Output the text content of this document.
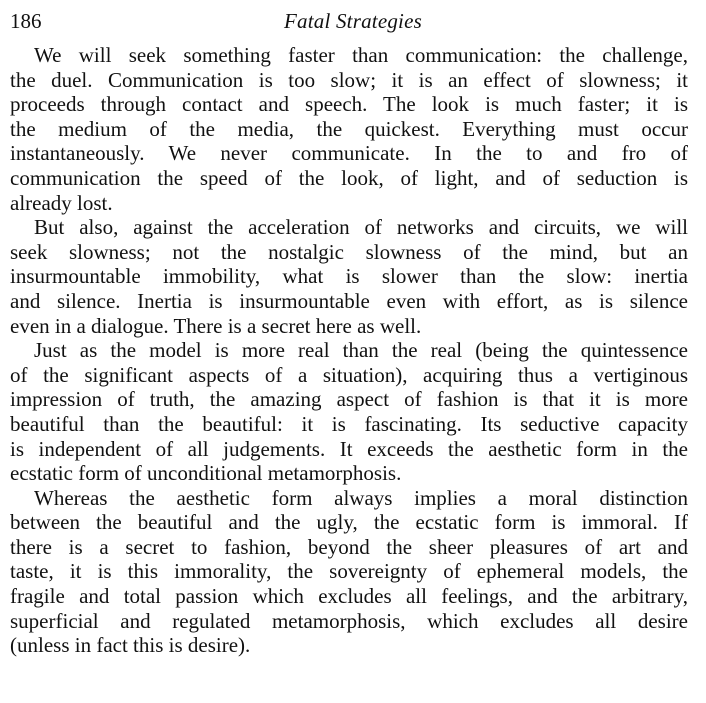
186	Fatal Strategies
We will seek something faster than communication: the challenge,
the duel. Communication is too slow; it is an effect of slowness; it
proceeds through contact and speech. The look is much faster; it is
the medium of the media, the quickest. Everything must occur
instantaneously. We never communicate. In the to and fro of
communication the speed of the look, of light, and of seduction is
already lost.
But also, against the acceleration of networks and circuits, we will
seek slowness; not the nostalgic slowness of the mind, but an
insurmountable immobility, what is slower than the slow: inertia
and silence. Inertia is insurmountable even with effort, as is silence
even in a dialogue. There is a secret here as well.
Just as the model is more real than the real (being the quintessence
of the significant aspects of a situation), acquiring thus a vertiginous
impression of truth, the amazing aspect of fashion is that it is more
beautiful than the beautiful: it is fascinating. Its seductive capacity
is independent of all judgements. It exceeds the aesthetic form in the
ecstatic form of unconditional metamorphosis.
Whereas the aesthetic form always implies a moral distinction
between the beautiful and the ugly, the ecstatic form is immoral. If
there is a secret to fashion, beyond the sheer pleasures of art and
taste, it is this immorality, the sovereignty of ephemeral models, the
fragile and total passion which excludes all feelings, and the arbitrary,
superficial and regulated metamorphosis, which excludes all desire
(unless in fact this is desire).
